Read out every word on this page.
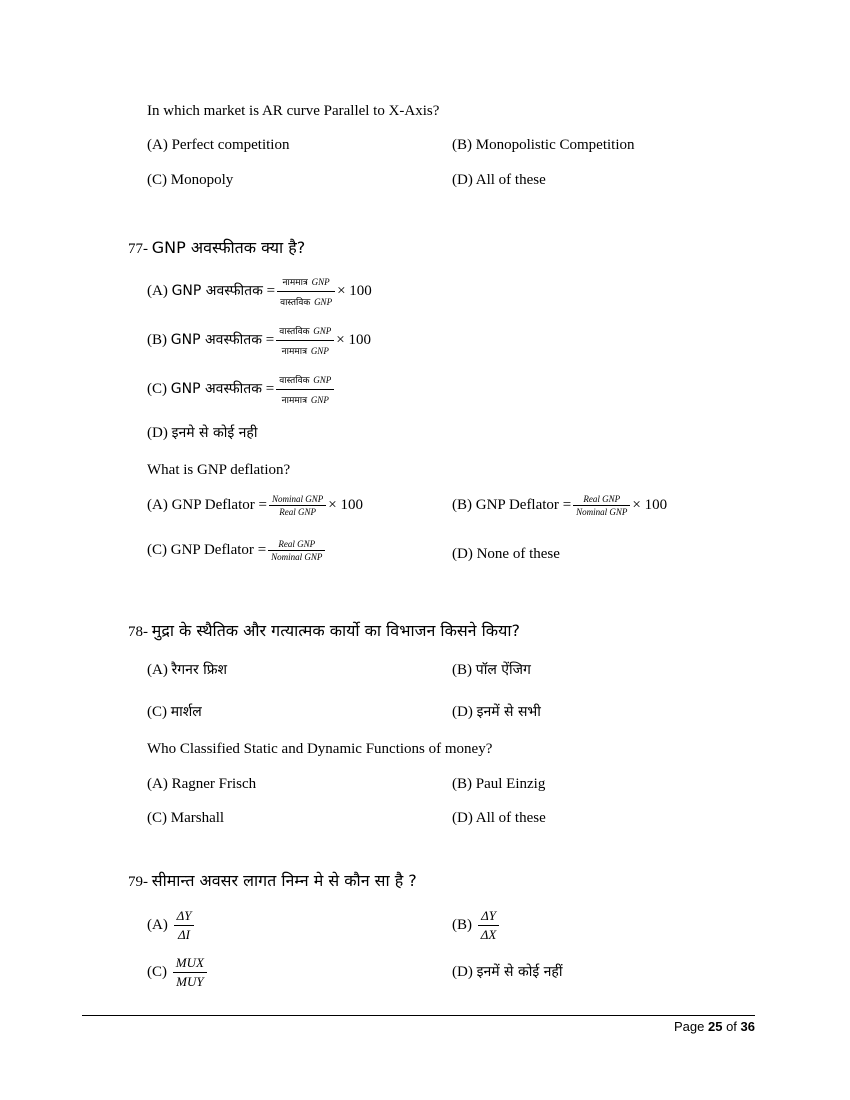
In which market is AR curve Parallel to X-Axis?
(A) Perfect competition	(B) Monopolistic Competition
(C) Monopoly	(D) All of these
77- GNP अवस्फीतक क्या है?
(A) GNP अवस्फीतक = $\frac{\text{नाममात्र GNP}}{\text{वास्तविक GNP}} \times 100$
(B) GNP अवस्फीतक = $\frac{\text{वास्तविक GNP}}{\text{नाममात्र GNP}} \times 100$
(C) GNP अवस्फीतक = $\frac{\text{वास्तविक GNP}}{\text{नाममात्र GNP}}$
(D) इनमे से कोई नही
What is GNP deflation?
(A) GNP Deflator = $\frac{\text{Nominal GNP}}{\text{Real GNP}} \times 100$	(B) GNP Deflator = $\frac{\text{Real GNP}}{\text{Nominal GNP}} \times 100$
(C) GNP Deflator = $\frac{\text{Real GNP}}{\text{Nominal GNP}}$	(D) None of these
78- मुद्रा के स्थैतिक और गत्यात्मक कार्यो का विभाजन किसने किया?
(A) रैगनर फ्रिश	(B) पॉल ऐंजिग
(C) मार्शल	(D) इनमें से सभी
Who Classified Static and Dynamic Functions of money?
(A) Ragner Frisch	(B) Paul Einzig
(C) Marshall	(D) All of these
79- सीमान्त अवसर लागत निम्न मे से कौन सा है ?
$(A) \frac{\Delta Y}{\Delta I}$	$(B) \frac{\Delta Y}{\Delta X}$
$(C) \frac{\text{MUX}}{\text{MUY}}$	(D) इनमें से कोई नहीं
Page 25 of 36
